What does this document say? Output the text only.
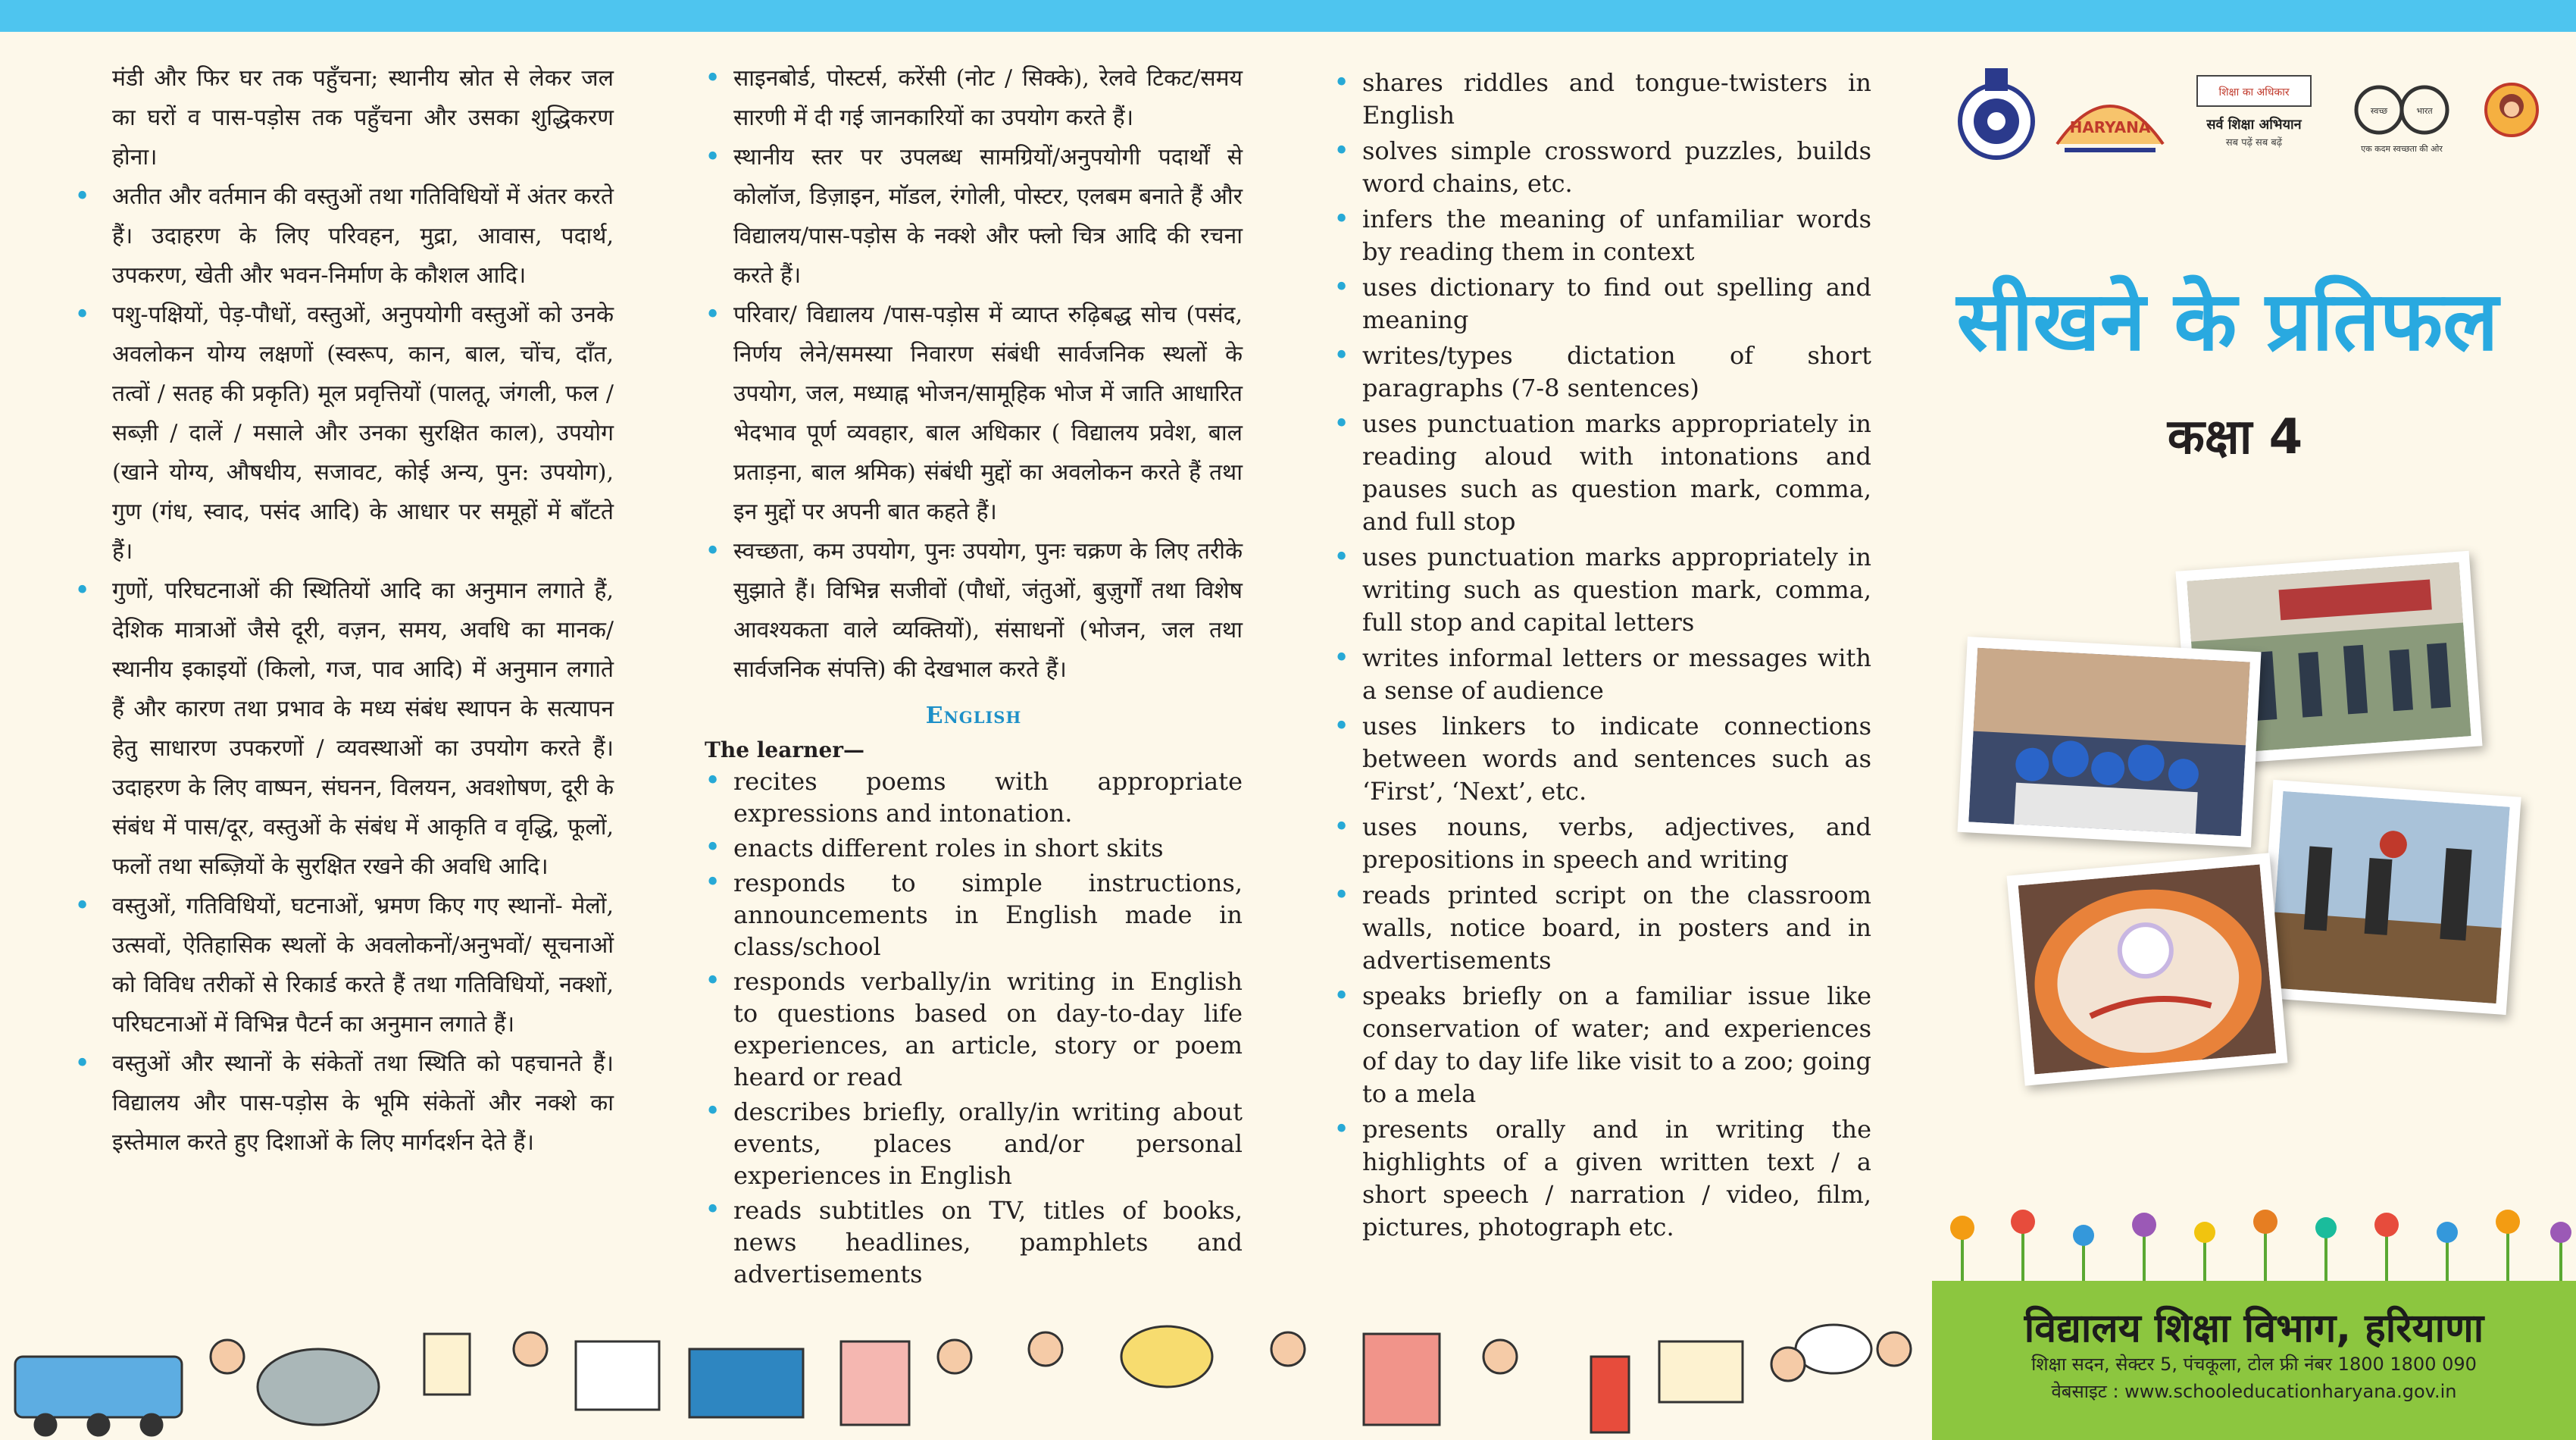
मंडी और फिर घर तक पहुँचना; स्थानीय स्रोत से लेकर जल का घरों व पास-पड़ोस तक पहुँचना और उसका शुद्धिकरण होना।
• अतीत और वर्तमान की वस्तुओं तथा गतिविधियों में अंतर करते हैं। उदाहरण के लिए परिवहन, मुद्रा, आवास, पदार्थ, उपकरण, खेती और भवन-निर्माण के कौशल आदि।
• पशु-पक्षियों, पेड़-पौधों, वस्तुओं, अनुपयोगी वस्तुओं को उनके अवलोकन योग्य लक्षणों (स्वरूप, कान, बाल, चोंच, दाँत, तत्वों / सतह की प्रकृति) मूल प्रवृत्तियों (पालतू, जंगली, फल / सब्ज़ी / दालें / मसाले और उनका सुरक्षित काल), उपयोग (खाने योग्य, औषधीय, सजावट, कोई अन्य, पुन: उपयोग), गुण (गंध, स्वाद, पसंद आदि) के आधार पर समूहों में बाँटते हैं।
• गुणों, परिघटनाओं की स्थितियों आदि का अनुमान लगाते हैं, देशिक मात्राओं जैसे दूरी, वज़न, समय, अवधि का मानक/ स्थानीय इकाइयों (किलो, गज, पाव आदि) में अनुमान लगाते हैं और कारण तथा प्रभाव के मध्य संबंध स्थापन के सत्यापन हेतु साधारण उपकरणों / व्यवस्थाओं का उपयोग करते हैं। उदाहरण के लिए वाष्पन, संघनन, विलयन, अवशोषण, दूरी के संबंध में पास/दूर, वस्तुओं के संबंध में आकृति व वृद्धि, फूलों, फलों तथा सब्ज़ियों के सुरक्षित रखने की अवधि आदि।
• वस्तुओं, गतिविधियों, घटनाओं, भ्रमण किए गए स्थानों- मेलों, उत्सवों, ऐतिहासिक स्थलों के अवलोकनों/अनुभवों/ सूचनाओं को विविध तरीकों से रिकार्ड करते हैं तथा गतिविधियों, नक्शों, परिघटनाओं में विभिन्न पैटर्न का अनुमान लगाते हैं।
• वस्तुओं और स्थानों के संकेतों तथा स्थिति को पहचानते हैं। विद्यालय और पास-पड़ोस के भूमि संकेतों और नक्शे का इस्तेमाल करते हुए दिशाओं के लिए मार्गदर्शन देते हैं।
• साइनबोर्ड, पोस्टर्स, करेंसी (नोट / सिक्के), रेलवे टिकट/समय सारणी में दी गई जानकारियों का उपयोग करते हैं।
• स्थानीय स्तर पर उपलब्ध सामग्रियों/अनुपयोगी पदार्थों से कोलॉज, डिज़ाइन, मॉडल, रंगोली, पोस्टर, एलबम बनाते हैं और विद्यालय/पास-पड़ोस के नक्शे और फ्लो चित्र आदि की रचना करते हैं।
• परिवार/ विद्यालय /पास-पड़ोस में व्याप्त रुढ़िबद्ध सोच (पसंद, निर्णय लेने/समस्या निवारण संबंधी सार्वजनिक स्थलों के उपयोग, जल, मध्याह्न भोजन/सामूहिक भोज में जाति आधारित भेदभाव पूर्ण व्यवहार, बाल अधिकार ( विद्यालय प्रवेश, बाल प्रताड़ना, बाल श्रमिक) संबंधी मुद्दों का अवलोकन करते हैं तथा इन मुद्दों पर अपनी बात कहते हैं।
• स्वच्छता, कम उपयोग, पुनः उपयोग, पुनः चक्रण के लिए तरीके सुझाते हैं। विभिन्न सजीवों (पौधों, जंतुओं, बुज़ुर्गों तथा विशेष आवश्यकता वाले व्यक्तियों), संसाधनों (भोजन, जल तथा सार्वजनिक संपत्ति) की देखभाल करते हैं।
English
The learner—
• recites poems with appropriate expressions and intonation.
• enacts different roles in short skits
• responds to simple instructions, announcements in English made in class/school
• responds verbally/in writing in English to questions based on day-to-day life experiences, an article, story or poem heard or read
• describes briefly, orally/in writing about events, places and/or personal experiences in English
• reads subtitles on TV, titles of books, news headlines, pamphlets and advertisements
• shares riddles and tongue-twisters in English
• solves simple crossword puzzles, builds word chains, etc.
• infers the meaning of unfamiliar words by reading them in context
• uses dictionary to find out spelling and meaning
• writes/types dictation of short paragraphs (7-8 sentences)
• uses punctuation marks appropriately in reading aloud with intonations and pauses such as question mark, comma, and full stop
• uses punctuation marks appropriately in writing such as question mark, comma, full stop and capital letters
• writes informal letters or messages with a sense of audience
• uses linkers to indicate connections between words and sentences such as ‘First’, ‘Next’, etc.
• uses nouns, verbs, adjectives, and prepositions in speech and writing
• reads printed script on the classroom walls, notice board, in posters and in advertisements
• speaks briefly on a familiar issue like conservation of water; and experiences of day to day life like visit to a zoo; going to a mela
• presents orally and in writing the highlights of a given written text / a short speech / narration / video, film, pictures, photograph etc.
HARYANA
शिक्षा का अधिकार
सर्व शिक्षा अभियान
सब पढ़ें सब बढ़ें
स्वच्छ	भारत
एक कदम स्वच्छता की ओर
सीखने के प्रतिफल
कक्षा 4
विद्यालय शिक्षा विभाग, हरियाणा
शिक्षा सदन, सेक्टर 5, पंचकूला, टोल फ्री नंबर 1800 1800 090
वेबसाइट : www.schooleducationharyana.gov.in
